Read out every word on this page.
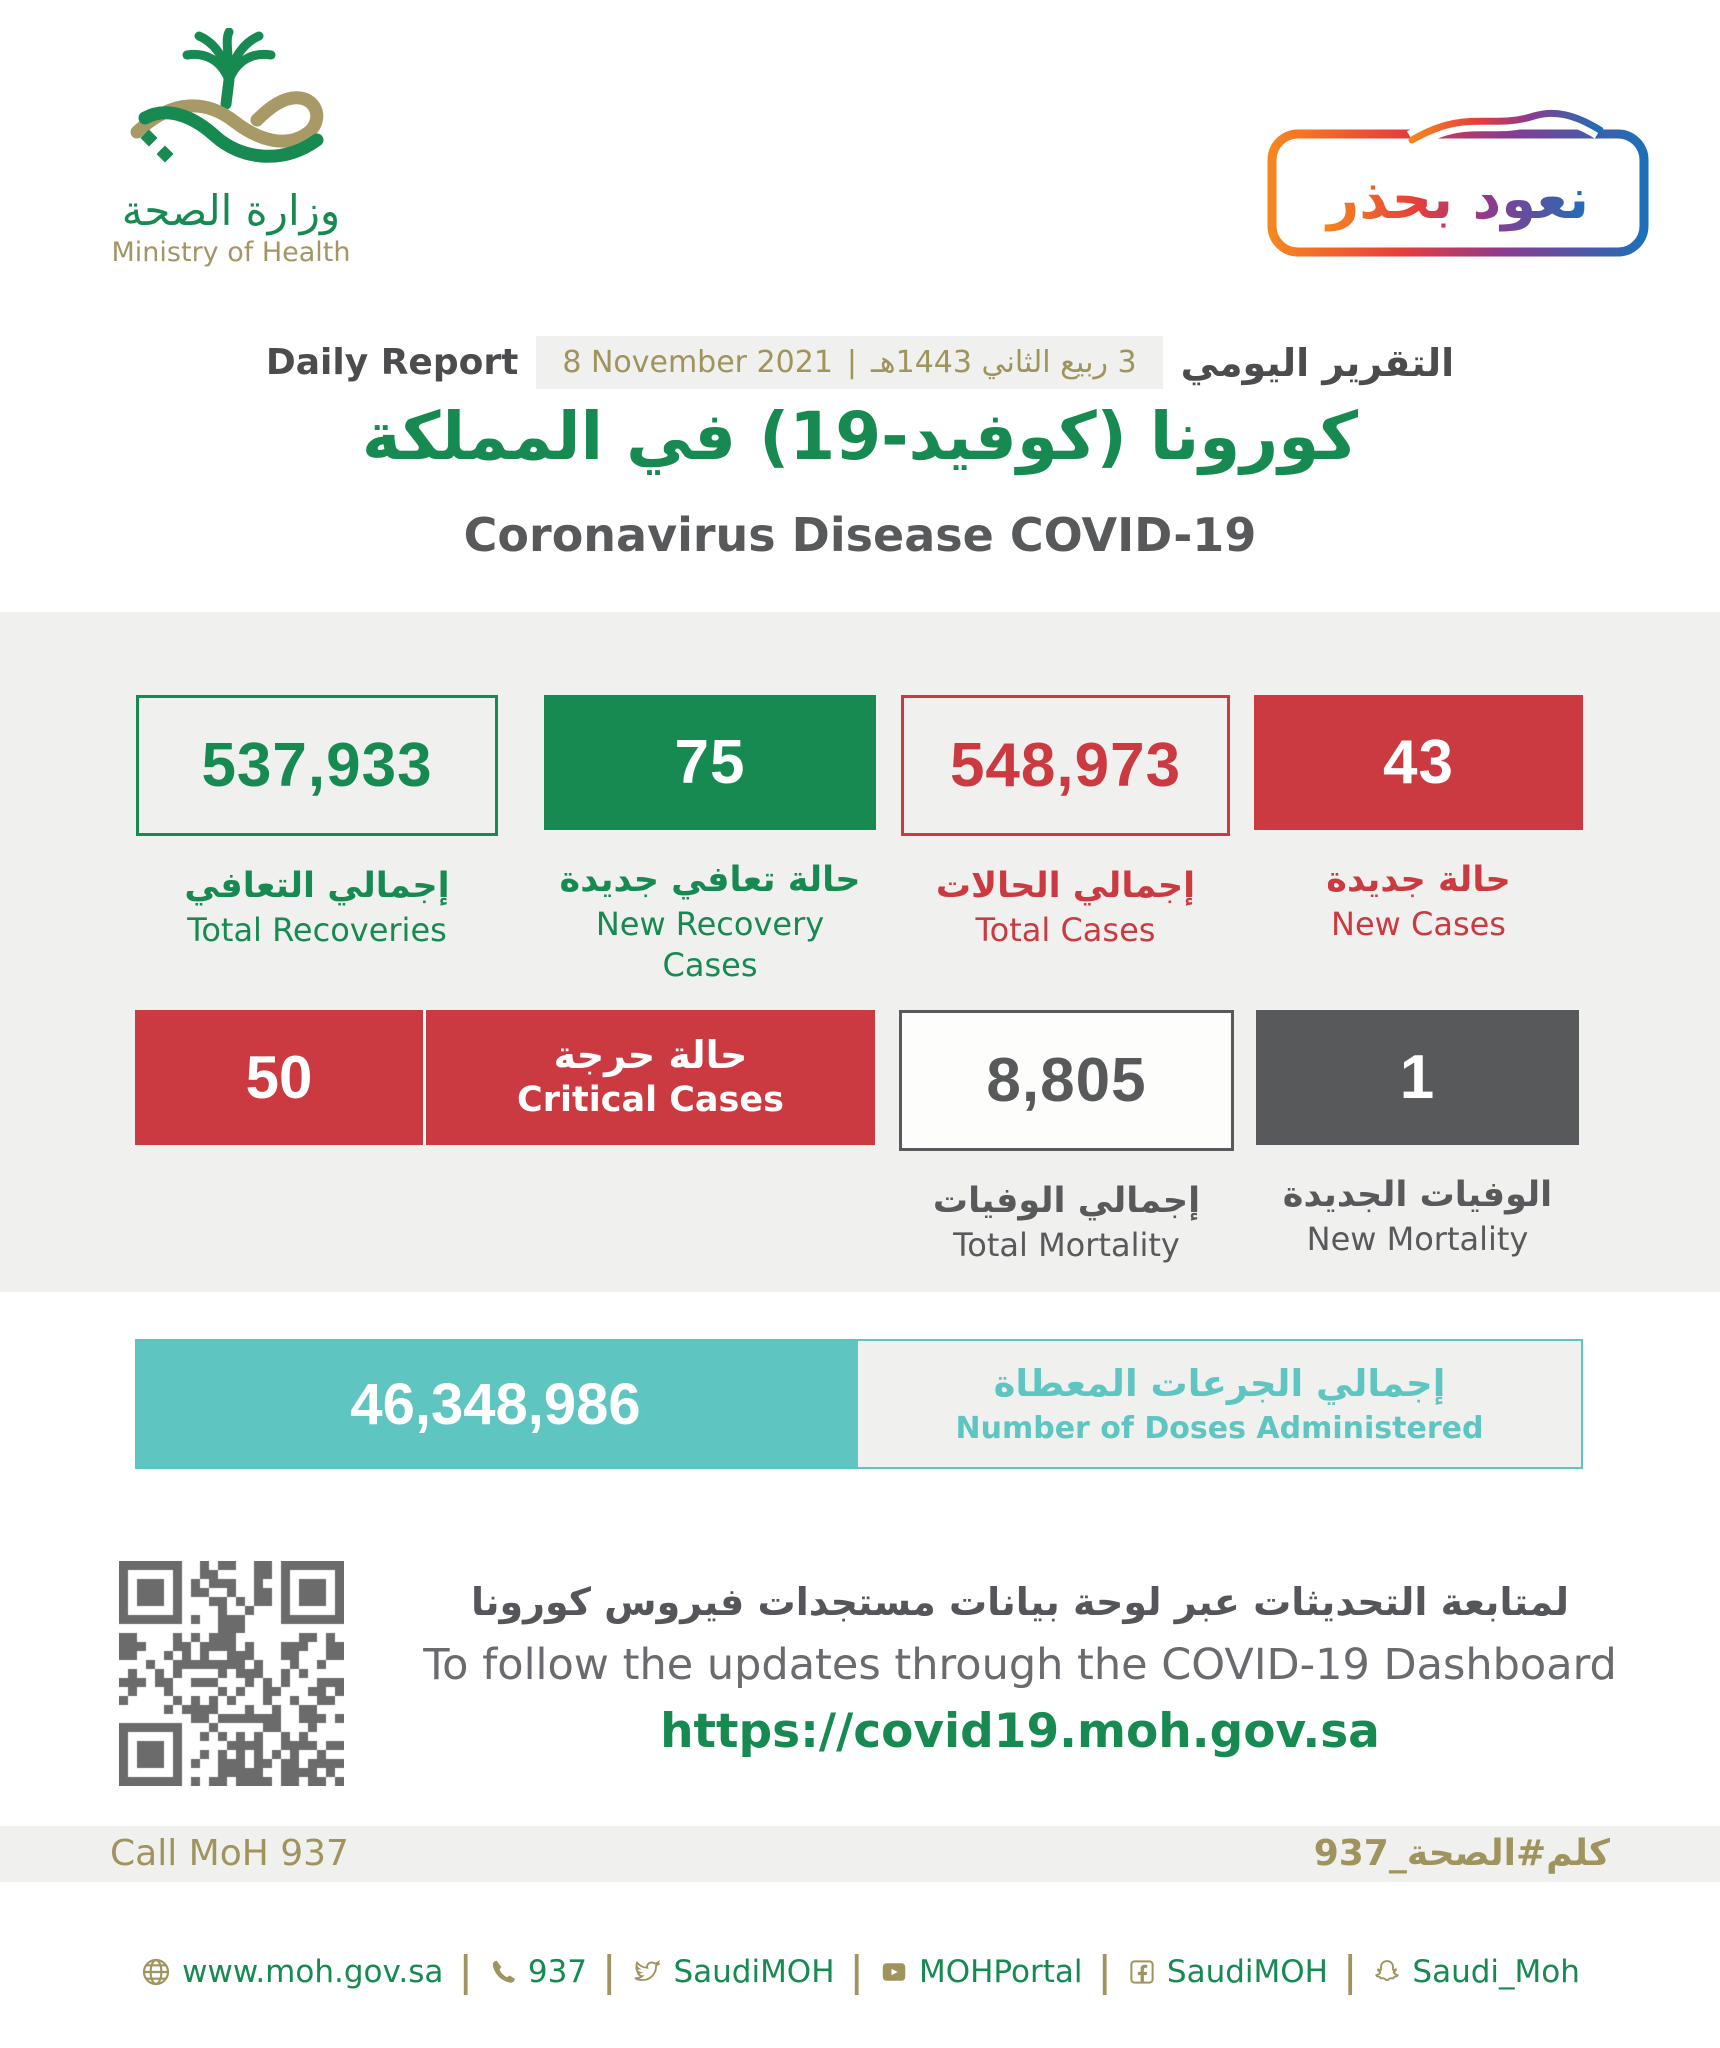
وزارة الصحة
Ministry of Health
نعود بحذر
Daily Report 8 November 2021 | 3 ربيع الثاني 1443هـ التقرير اليومي
كورونا (كوفيد-19) في المملكة
Coronavirus Disease COVID-19
537,933
إجمالي التعافي
Total Recoveries
75
حالة تعافي جديدة
New Recovery Cases
548,973
إجمالي الحالات
Total Cases
43
حالة جديدة
New Cases
50	حالة حرجة
Critical Cases	8,805
إجمالي الوفيات
Total Mortality
1
الوفيات الجديدة
New Mortality
46,348,986	إجمالي الجرعات المعطاة
Number of Doses Administered
لمتابعة التحديثات عبر لوحة بيانات مستجدات فيروس كورونا
To follow the updates through the COVID-19 Dashboard
https://covid19.moh.gov.sa
Call MoH 937	كلم#الصحة_937
www.moh.gov.sa | 937 | SaudiMOH | MOHPortal | SaudiMOH | Saudi_Moh
